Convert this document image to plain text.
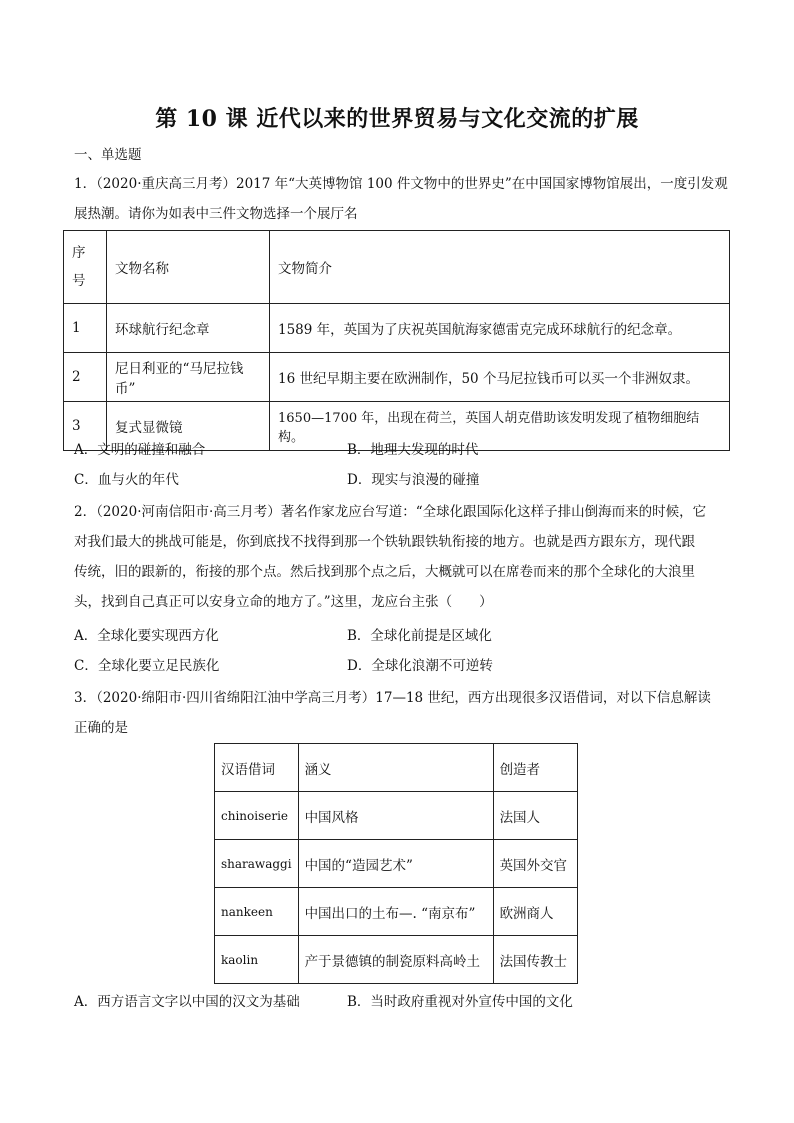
第 10 课 近代以来的世界贸易与文化交流的扩展
一、单选题
1．（2020·重庆高三月考）2017 年“大英博物馆 100 件文物中的世界史”在中国国家博物馆展出，一度引发观
展热潮。请你为如表中三件文物选择一个展厅名
序号	文物名称	文物简介
1	环球航行纪念章	1589 年，英国为了庆祝英国航海家德雷克完成环球航行的纪念章。
2	尼日利亚的“马尼拉钱币”	16 世纪早期主要在欧洲制作，50 个马尼拉钱币可以买一个非洲奴隶。
3	复式显微镜	1650—1700 年，出现在荷兰，英国人胡克借助该发明发现了植物细胞结构。
A．文明的碰撞和融合	B．地理大发现的时代
C．血与火的年代	D．现实与浪漫的碰撞
2．（2020·河南信阳市·高三月考）著名作家龙应台写道：“全球化跟国际化这样子排山倒海而来的时候，它
对我们最大的挑战可能是，你到底找不找得到那一个铁轨跟铁轨衔接的地方。也就是西方跟东方，现代跟
传统，旧的跟新的，衔接的那个点。然后找到那个点之后，大概就可以在席卷而来的那个全球化的大浪里
头，找到自己真正可以安身立命的地方了。”这里，龙应台主张（　　）
A．全球化要实现西方化	B．全球化前提是区域化
C．全球化要立足民族化	D．全球化浪潮不可逆转
3．（2020·绵阳市·四川省绵阳江油中学高三月考）17—18 世纪，西方出现很多汉语借词，对以下信息解读
正确的是
汉语借词	涵义	创造者
chinoiserie	中国风格	法国人
sharawaggi	中国的“造园艺术”	英国外交官
nankeen	中国出口的土布—. “南京布”	欧洲商人
kaolin	产于景德镇的制瓷原料高岭土	法国传教士
A．西方语言文字以中国的汉文为基础	B．当时政府重视对外宣传中国的文化
